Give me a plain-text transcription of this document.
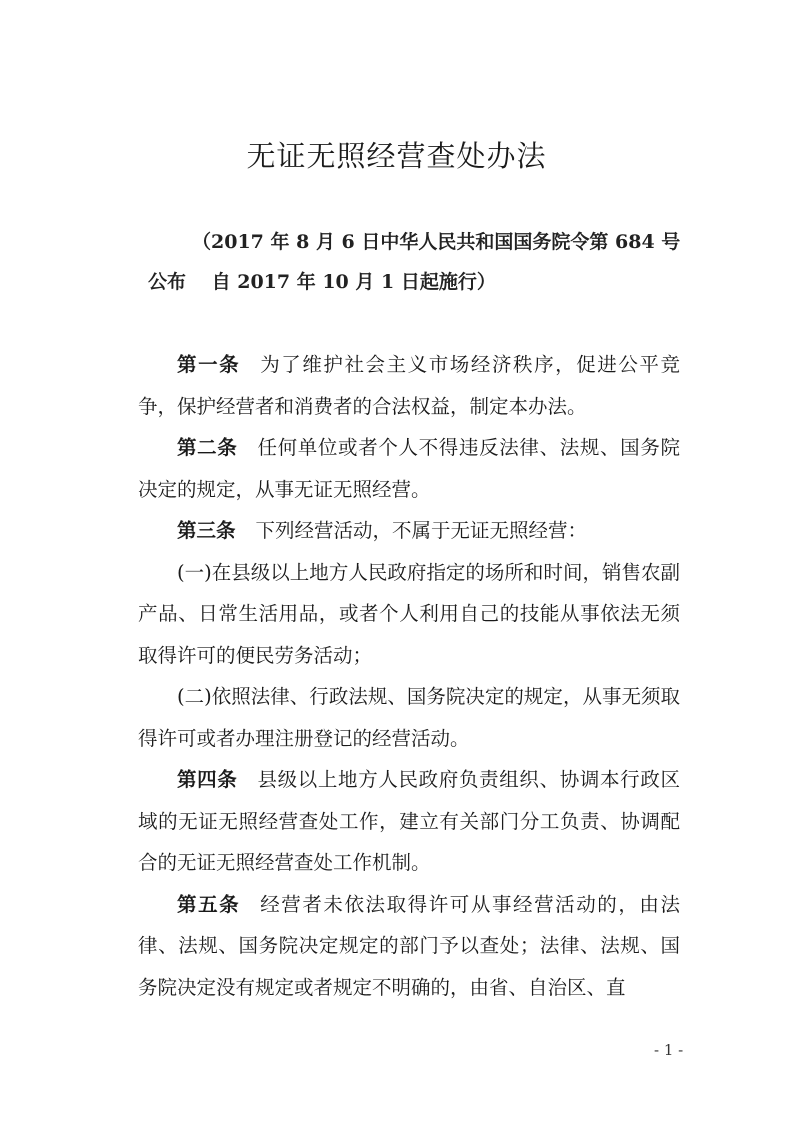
无证无照经营查处办法
（2017 年 8 月 6 日中华人民共和国国务院令第 684 号
公布　 自 2017 年 10 月 1 日起施行）

第一条 为了维护社会主义市场经济秩序，促进公平竞争，保护经营者和消费者的合法权益，制定本办法。

第二条 任何单位或者个人不得违反法律、法规、国务院决定的规定，从事无证无照经营。

第三条 下列经营活动，不属于无证无照经营：

(一)在县级以上地方人民政府指定的场所和时间，销售农副产品、日常生活用品，或者个人利用自己的技能从事依法无须取得许可的便民劳务活动；

(二)依照法律、行政法规、国务院决定的规定，从事无须取得许可或者办理注册登记的经营活动。

第四条 县级以上地方人民政府负责组织、协调本行政区域的无证无照经营查处工作，建立有关部门分工负责、协调配合的无证无照经营查处工作机制。

第五条 经营者未依法取得许可从事经营活动的，由法律、法规、国务院决定规定的部门予以查处；法律、法规、国务院决定没有规定或者规定不明确的，由省、自治区、直

- 1 -
